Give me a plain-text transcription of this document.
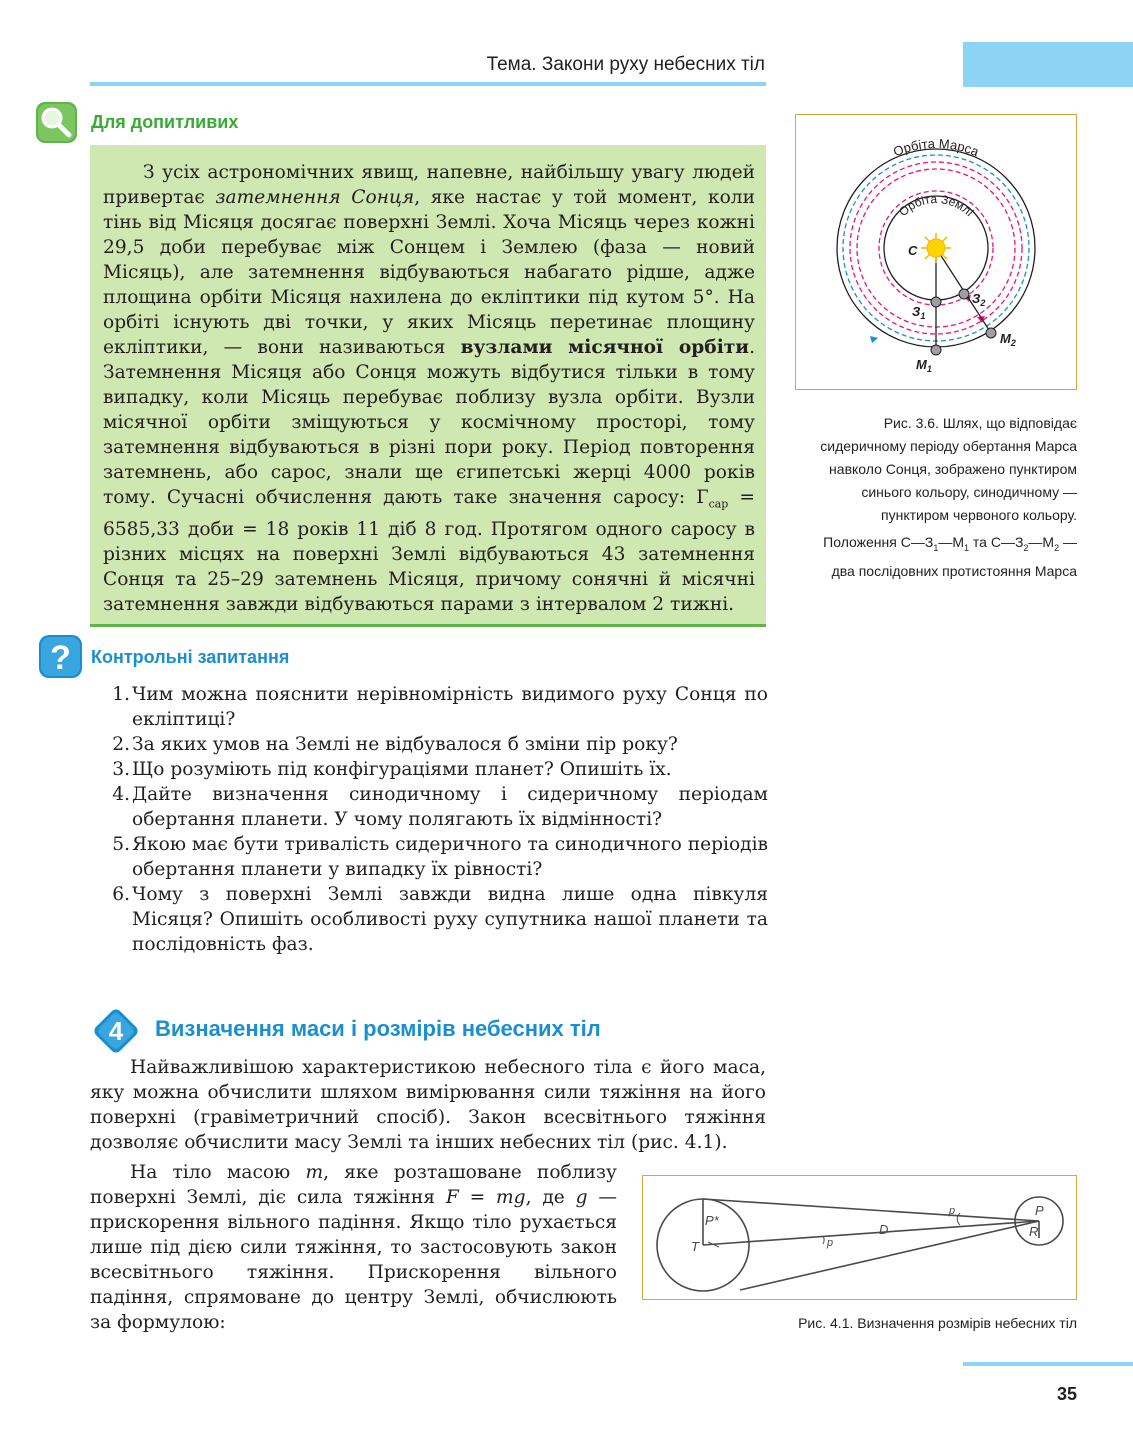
Тема. Закони руху небесних тіл
Для допитливих

З усіх астрономічних явищ, напевне, найбільшу увагу людей привертає затемнення Сонця, яке настає у той момент, коли тінь від Місяця досягає поверхні Землі. Хоча Місяць через кожні 29,5 доби перебуває між Сонцем і Землею (фаза — новий Місяць), але затемнення відбуваються набагато рідше, адже площина орбіти Місяця нахилена до екліптики під кутом 5°. На орбіті існують дві точки, у яких Місяць перетинає площину екліптики, — вони називаються вузлами місячної орбіти. Затемнення Місяця або Сонця можуть відбутися тільки в тому випадку, коли Місяць перебуває поблизу вузла орбіти. Вузли місячної орбіти зміщуються у космічному просторі, тому затемнення відбуваються в різні пори року. Період повторення затемнень, або сарос, знали ще єгипетські жерці 4000 років тому. Сучасні обчислення дають таке значення саросу: $Г_{сар} = 6585,33$ доби = 18 років 11 діб 8 год. Протягом одного саросу в різних місцях на поверхні Землі відбуваються 43 затемнення Сонця та 25–29 затемнень Місяця, причому сонячні й місячні затемнення завжди відбуваються парами з інтервалом 2 тижні.

? Контрольні запитання
1. Чим можна пояснити нерівномірність видимого руху Сонця по екліптиці?
2. За яких умов на Землі не відбувалося б зміни пір року?
3. Що розуміють під конфігураціями планет? Опишіть їх.
4. Дайте визначення синодичному і сидеричному періодам обертання планети. У чому полягають їх відмінності?
5. Якою має бути тривалість сидеричного та синодичного періодів обертання планети у випадку їх рівності?
6. Чому з поверхні Землі завжди видна лише одна півкуля Місяця? Опишіть особливості руху супутника нашої планети та послідовність фаз.
4 Визначення маси і розмірів небесних тіл

Найважливішою характеристикою небесного тіла є його маса, яку можна обчислити шляхом вимірювання сили тяжіння на його поверхні (гравіметричний спосіб). Закон всесвітнього тяжіння дозволяє обчислити масу Землі та інших небесних тіл (рис. 4.1).

На тіло масою m, яке розташоване поблизу поверхні Землі, діє сила тяжіння F = mg, де g — прискорення вільного падіння. Якщо тіло рухається лише під дією сили тяжіння, то застосовують закон всесвітнього тяжіння. Прискорення вільного падіння, спрямоване до центру Землі, обчислюють за формулою:

Орбіта Марса
Орбіта Землі
С
$З_1$
$З_2$
$М_1$
$М_2$

Рис. 3.6. Шлях, що відповідає сидеричному періоду обертання Марса навколо Сонця, зображено пунктиром синього кольору, синодичному — пунктиром червоного кольору.

Положення $С—З_1—М_1$ та $С—З_2—М_2$ — два послідовних протистояння Марса

P*
T
D
p
p	P
R
Рис. 4.1. Визначення розмірів небесних тіл
35
